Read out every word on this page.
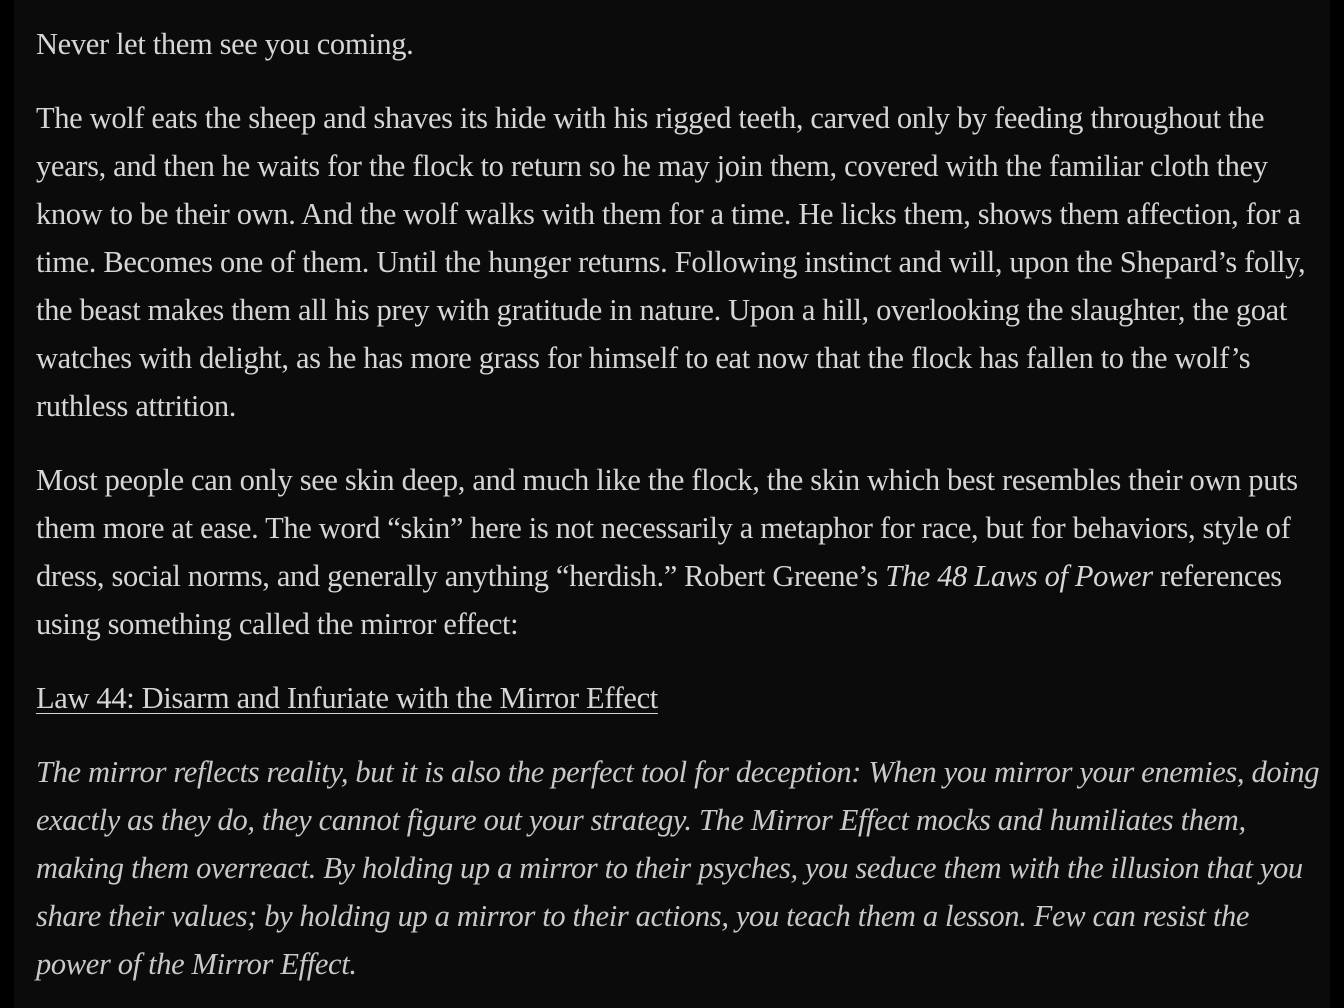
Never let them see you coming.

The wolf eats the sheep and shaves its hide with his rigged teeth, carved only by feeding throughout the years, and then he waits for the flock to return so he may join them, covered with the familiar cloth they know to be their own. And the wolf walks with them for a time. He licks them, shows them affection, for a time. Becomes one of them. Until the hunger returns. Following instinct and will, upon the Shepard’s folly, the beast makes them all his prey with gratitude in nature. Upon a hill, overlooking the slaughter, the goat watches with delight, as he has more grass for himself to eat now that the flock has fallen to the wolf’s ruthless attrition.

Most people can only see skin deep, and much like the flock, the skin which best resembles their own puts them more at ease. The word “skin” here is not necessarily a metaphor for race, but for behaviors, style of dress, social norms, and generally anything “herdish.” Robert Greene’s The 48 Laws of Power references using something called the mirror effect:

Law 44: Disarm and Infuriate with the Mirror Effect

The mirror reflects reality, but it is also the perfect tool for deception: When you mirror your enemies, doing exactly as they do, they cannot figure out your strategy. The Mirror Effect mocks and humiliates them, making them overreact. By holding up a mirror to their psyches, you seduce them with the illusion that you share their values; by holding up a mirror to their actions, you teach them a lesson. Few can resist the power of the Mirror Effect.
